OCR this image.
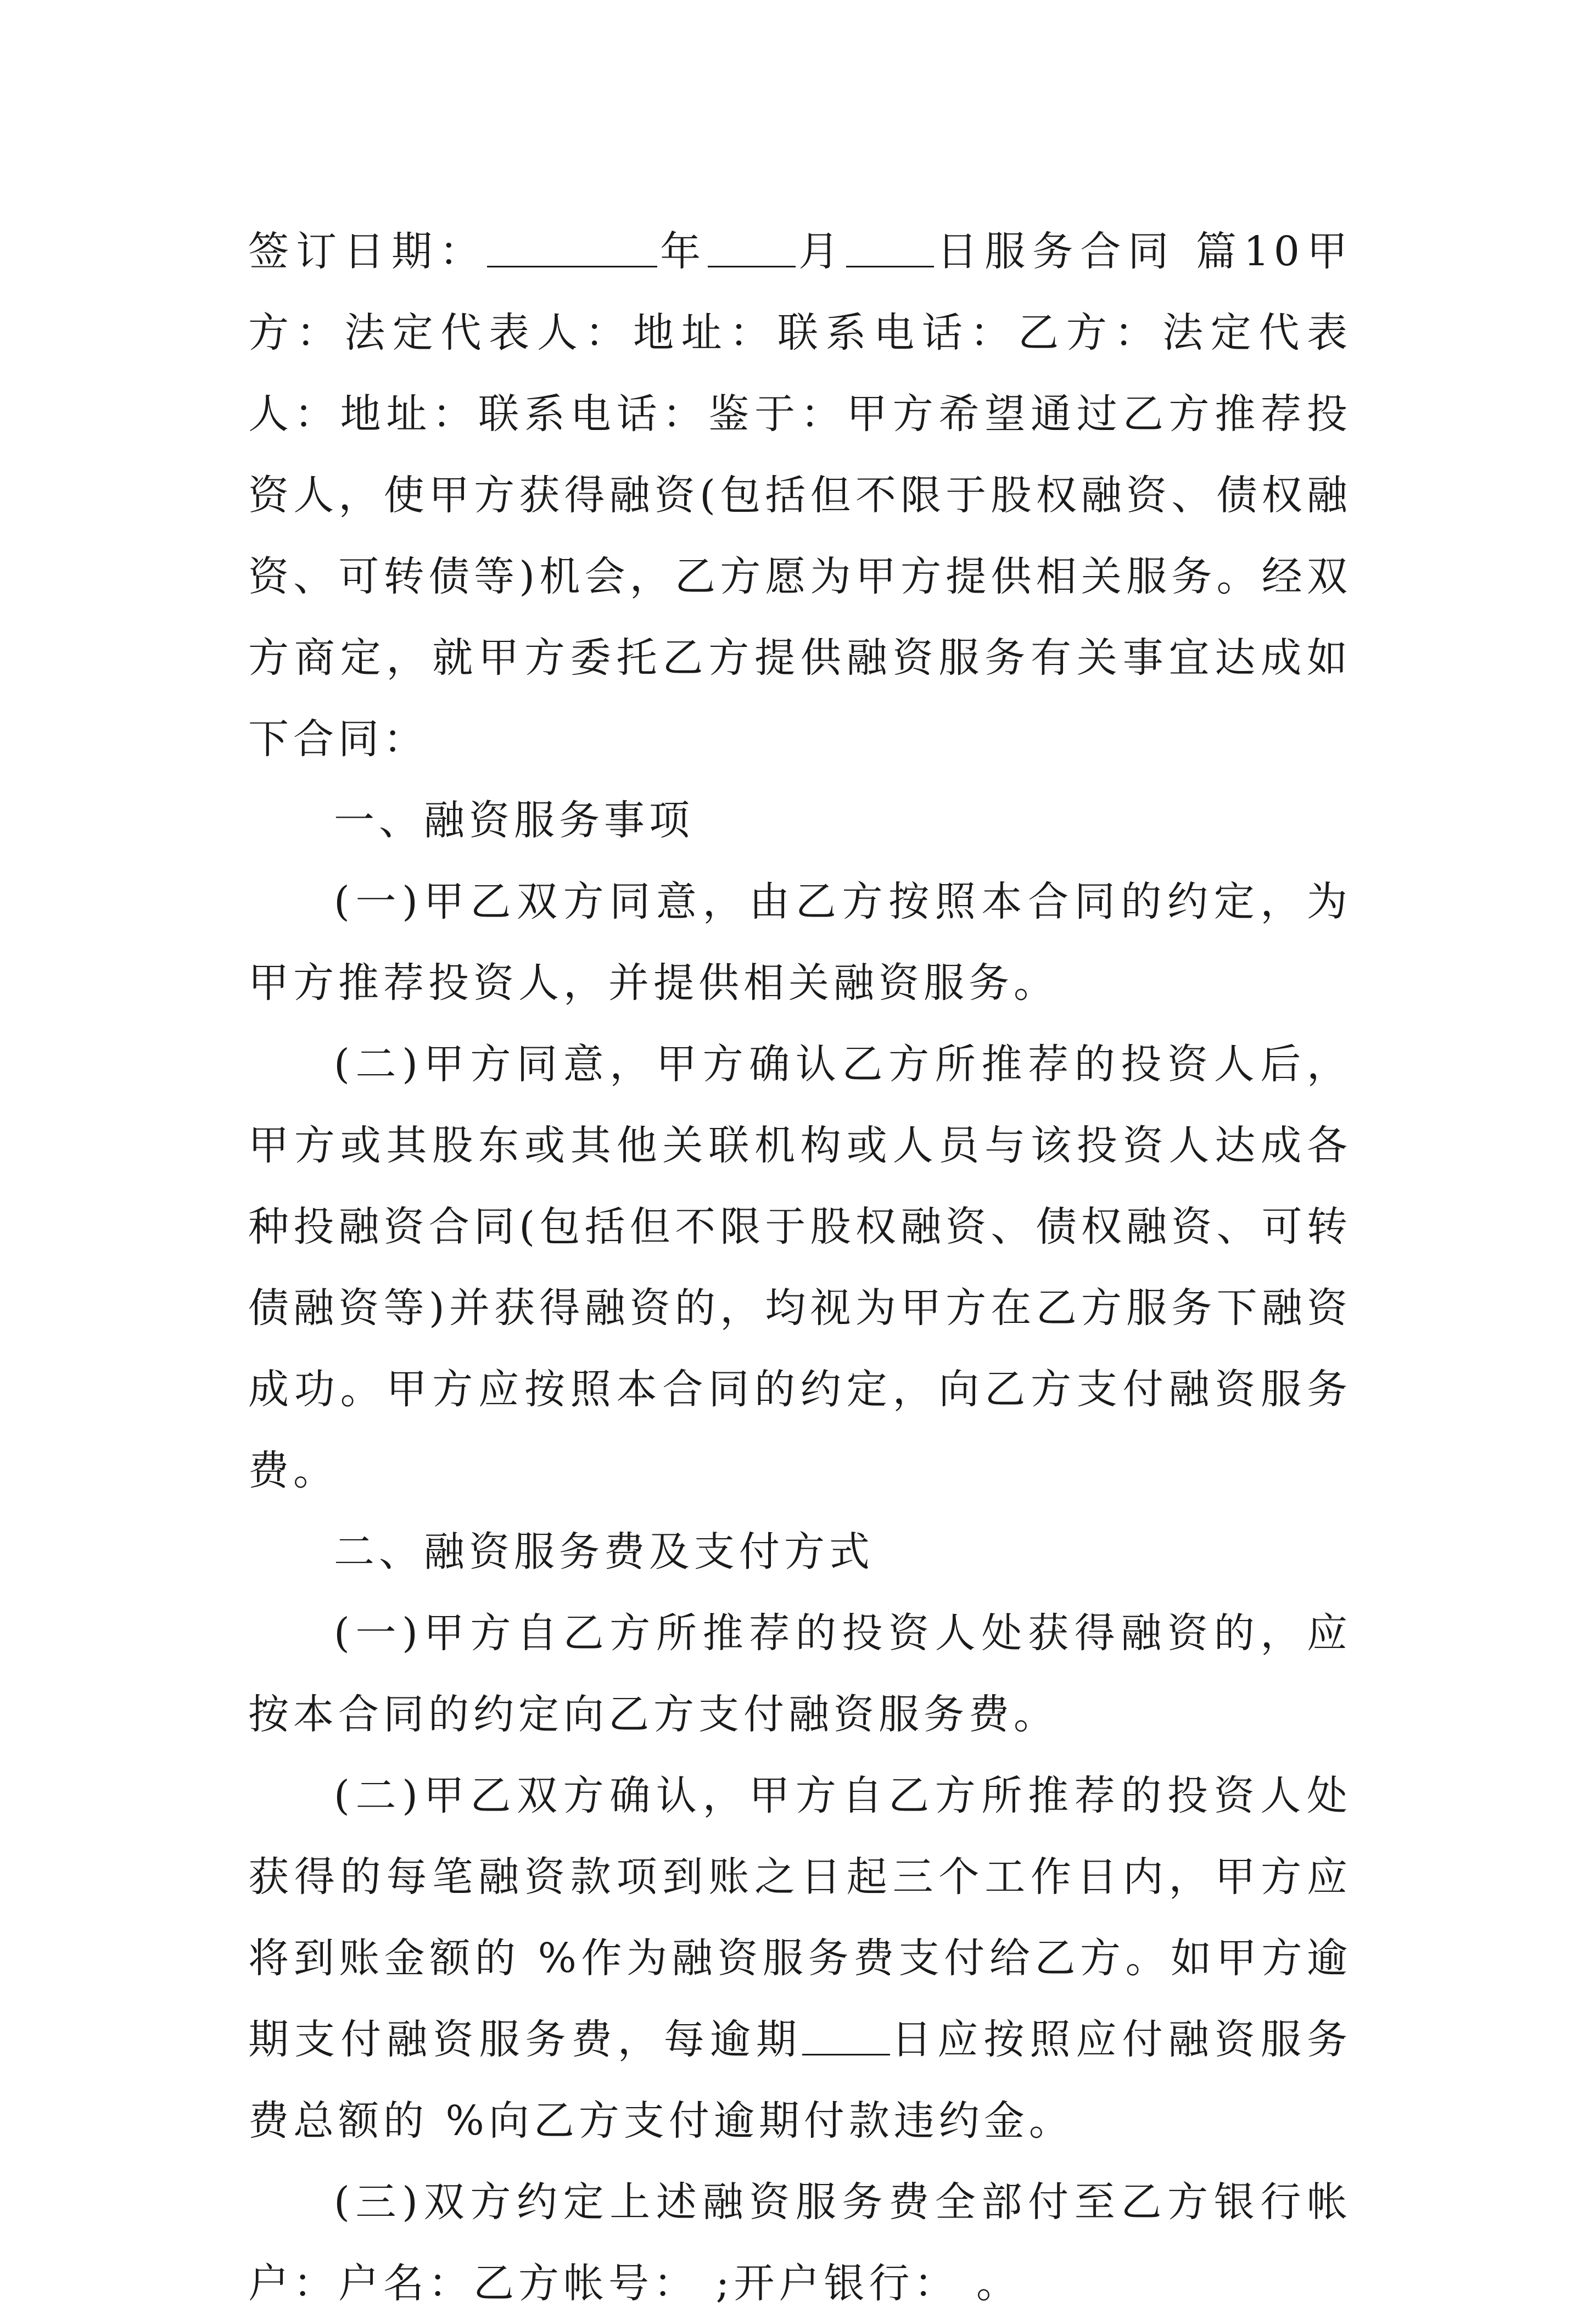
签订日期：	年 月 日服务合同 篇10甲方：法定代表人：地址：联系电话：乙方：法定代表人：地址：联系电话：鉴于：甲方希望通过乙方推荐投资人，使甲方获得融资(包括但不限于股权融资、债权融资、可转债等)机会，乙方愿为甲方提供相关服务。经双方商定，就甲方委托乙方提供融资服务有关事宜达成如下合同：

一、融资服务事项

(一)甲乙双方同意，由乙方按照本合同的约定，为甲方推荐投资人，并提供相关融资服务。

(二)甲方同意，甲方确认乙方所推荐的投资人后，甲方或其股东或其他关联机构或人员与该投资人达成各种投融资合同(包括但不限于股权融资、债权融资、可转债融资等)并获得融资的，均视为甲方在乙方服务下融资成功。甲方应按照本合同的约定，向乙方支付融资服务费。

二、融资服务费及支付方式

(一)甲方自乙方所推荐的投资人处获得融资的，应按本合同的约定向乙方支付融资服务费。

(二)甲乙双方确认，甲方自乙方所推荐的投资人处获得的每笔融资款项到账之日起三个工作日内，甲方应将到账金额的 %作为融资服务费支付给乙方。如甲方逾期支付融资服务费，每逾期 日应按照应付融资服务费总额的 %向乙方支付逾期付款违约金。

(三)双方约定上述融资服务费全部付至乙方银行帐户：户名：乙方帐号： ;开户银行： 。
